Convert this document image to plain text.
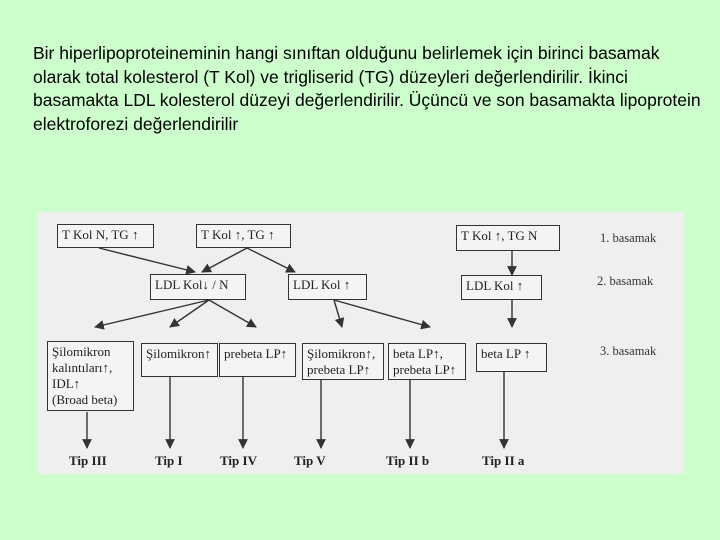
Bir hiperlipoproteineminin hangi sınıftan olduğunu belirlemek için birinci basamak olarak total kolesterol (T Kol) ve trigliserid (TG) düzeyleri değerlendirilir. İkinci basamakta LDL kolesterol düzeyi değerlendirilir. Üçüncü ve son basamakta lipoprotein elektroforezi değerlendirilir

T Kol N, TG ↑	T Kol ↑, TG ↑	T Kol ↑, TG N
LDL Kol↓ / N	LDL Kol ↑	LDL Kol ↑
Şilomikron
kalıntıları↑,
IDL↑
(Broad beta)
Şilomikron↑ prebeta LP↑	Şilomikron↑,
prebeta LP↑
beta LP↑,
prebeta LP↑
beta LP ↑
1. basamak
2. basamak
3. basamak
Tip III	Tip I	Tip IV	Tip V	Tip II b	Tip II a
